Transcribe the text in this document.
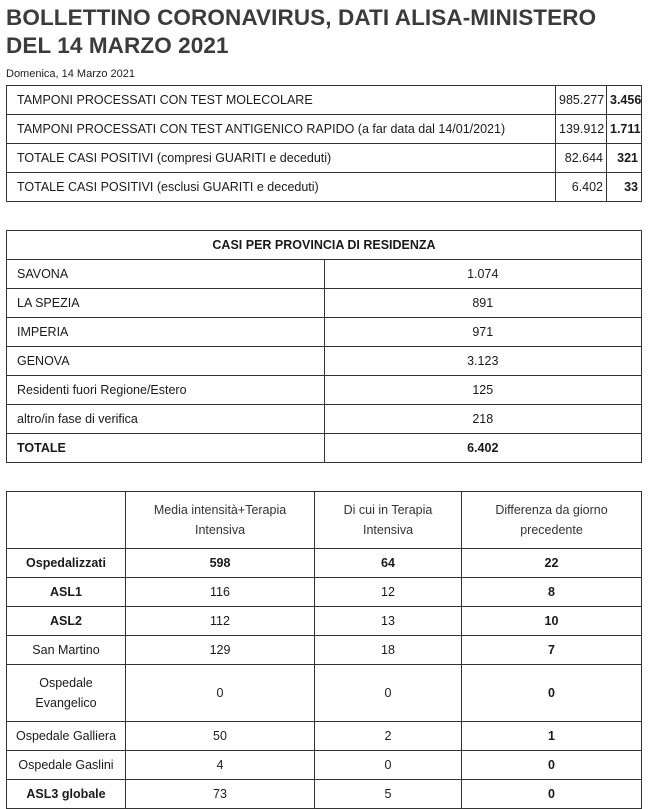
BOLLETTINO CORONAVIRUS, DATI ALISA-MINISTERO DEL 14 MARZO 2021
Domenica, 14 Marzo 2021
TAMPONI PROCESSATI CON TEST MOLECOLARE	985.277	3.456
TAMPONI PROCESSATI CON TEST ANTIGENICO RAPIDO (a far data dal 14/01/2021)	139.912	1.711
TOTALE CASI POSITIVI (compresi GUARITI e deceduti)	82.644	321
TOTALE CASI POSITIVI (esclusi GUARITI e deceduti)	6.402	33
CASI PER PROVINCIA DI RESIDENZA	
SAVONA	1.074
LA SPEZIA	891
IMPERIA	971
GENOVA	3.123
Residenti fuori Regione/Estero	125
altro/in fase di verifica	218
TOTALE	6.402
	Media intensità+Terapia Intensiva	Di cui in Terapia Intensiva	Differenza da giorno precedente
Ospedalizzati	598	64	22
ASL1	116	12	8
ASL2	112	13	10
San Martino	129	18	7
Ospedale Evangelico	0	0	0
Ospedale Galliera	50	2	1
Ospedale Gaslini	4	0	0
ASL3 globale	73	5	0
